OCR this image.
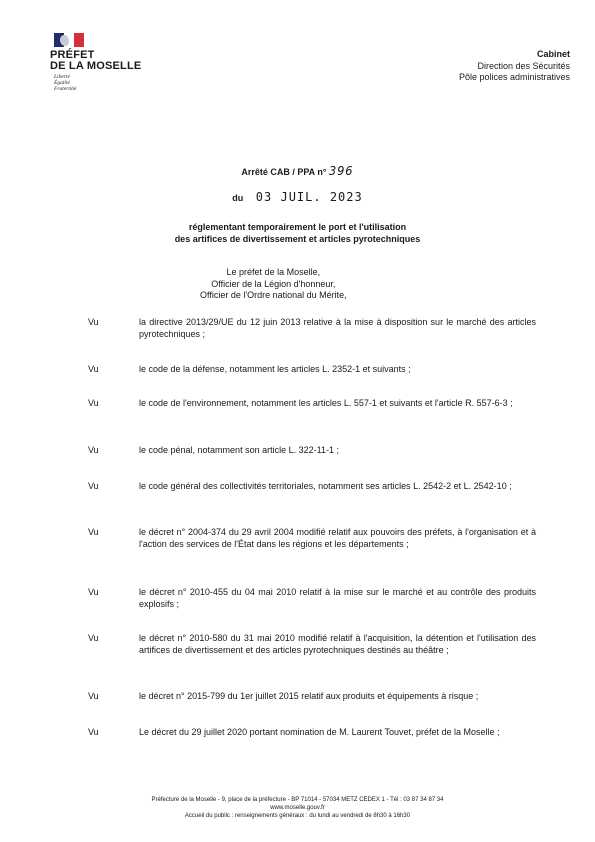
PRÉFET
DE LA MOSELLE
Liberté
Égalité
Fraternité
Cabinet
Direction des Sécurités
Pôle polices administratives
Arrêté CAB / PPA n° 396
du 03 JUIL. 2023
réglementant temporairement le port et l'utilisation
des artifices de divertissement et articles pyrotechniques
Le préfet de la Moselle,
Officier de la Légion d'honneur,
Officier de l'Ordre national du Mérite,
Vu	la directive 2013/29/UE du 12 juin 2013 relative à la mise à disposition sur le marché des articles pyrotechniques ;
Vu	le code de la défense, notamment les articles L. 2352-1 et suivants ;
Vu	le code de l'environnement, notamment les articles L. 557-1 et suivants et l'article R. 557-6-3 ;
Vu	le code pénal, notamment son article L. 322-11-1 ;
Vu	le code général des collectivités territoriales, notamment ses articles L. 2542-2 et L. 2542-10 ;
Vu	le décret n° 2004-374 du 29 avril 2004 modifié relatif aux pouvoirs des préfets, à l'organisation et à l'action des services de l'État dans les régions et les départements ;
Vu	le décret n° 2010-455 du 04 mai 2010 relatif à la mise sur le marché et au contrôle des produits explosifs ;
Vu	le décret n° 2010-580 du 31 mai 2010 modifié relatif à l'acquisition, la détention et l'utilisation des artifices de divertissement et des articles pyrotechniques destinés au théâtre ;
Vu	le décret n° 2015-799 du 1er juillet 2015 relatif aux produits et équipements à risque ;
Vu	Le décret du 29 juillet 2020 portant nomination de M. Laurent Touvet, préfet de la Moselle ;
Préfecture de la Moselle - 9, place de la préfecture - BP 71014 - 57034 METZ CEDEX 1 - Tél : 03 87 34 87 34
www.moselle.gouv.fr
Accueil du public : renseignements généraux : du lundi au vendredi de 8h30 à 16h30
